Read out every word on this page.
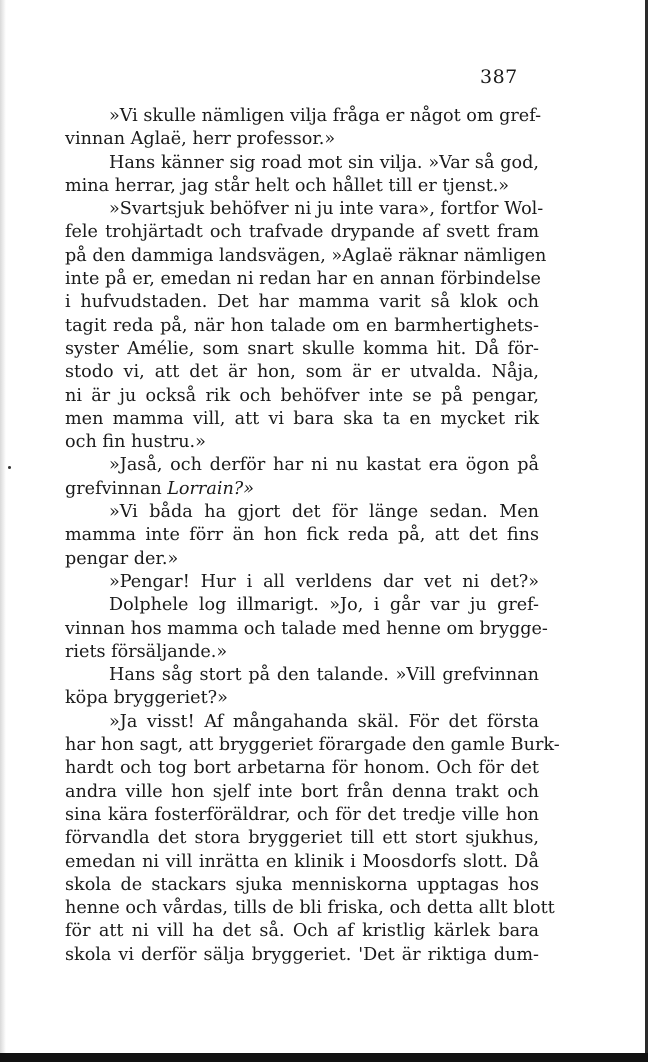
387
»Vi skulle nämligen vilja fråga er något om gref-
vinnan Aglaë, herr professor.»
Hans känner sig road mot sin vilja. »Var så god,
mina herrar, jag står helt och hållet till er tjenst.»
»Svartsjuk behöfver ni ju inte vara», fortfor Wol-
fele trohjärtadt och trafvade drypande af svett fram
på den dammiga landsvägen, »Aglaë räknar nämligen
inte på er, emedan ni redan har en annan förbindelse
i hufvudstaden. Det har mamma varit så klok och
tagit reda på, när hon talade om en barmhertighets-
syster Amélie, som snart skulle komma hit. Då för-
stodo vi, att det är hon, som är er utvalda. Nåja,
ni är ju också rik och behöfver inte se på pengar,
men mamma vill, att vi bara ska ta en mycket rik
och fin hustru.»
»Jaså, och derför har ni nu kastat era ögon på
grefvinnan Lorrain?»
»Vi båda ha gjort det för länge sedan. Men
mamma inte förr än hon fick reda på, att det fins
pengar der.»
»Pengar! Hur i all verldens dar vet ni det?»
Dolphele log illmarigt. »Jo, i går var ju gref-
vinnan hos mamma och talade med henne om brygge-
riets försäljande.»
Hans såg stort på den talande. »Vill grefvinnan
köpa bryggeriet?»
»Ja visst! Af mångahanda skäl. För det första
har hon sagt, att bryggeriet förargade den gamle Burk-
hardt och tog bort arbetarna för honom. Och för det
andra ville hon sjelf inte bort från denna trakt och
sina kära fosterföräldrar, och för det tredje ville hon
förvandla det stora bryggeriet till ett stort sjukhus,
emedan ni vill inrätta en klinik i Moosdorfs slott. Då
skola de stackars sjuka menniskorna upptagas hos
henne och vårdas, tills de bli friska, och detta allt blott
för att ni vill ha det så. Och af kristlig kärlek bara
skola vi derför sälja bryggeriet. 'Det är riktiga dum-
